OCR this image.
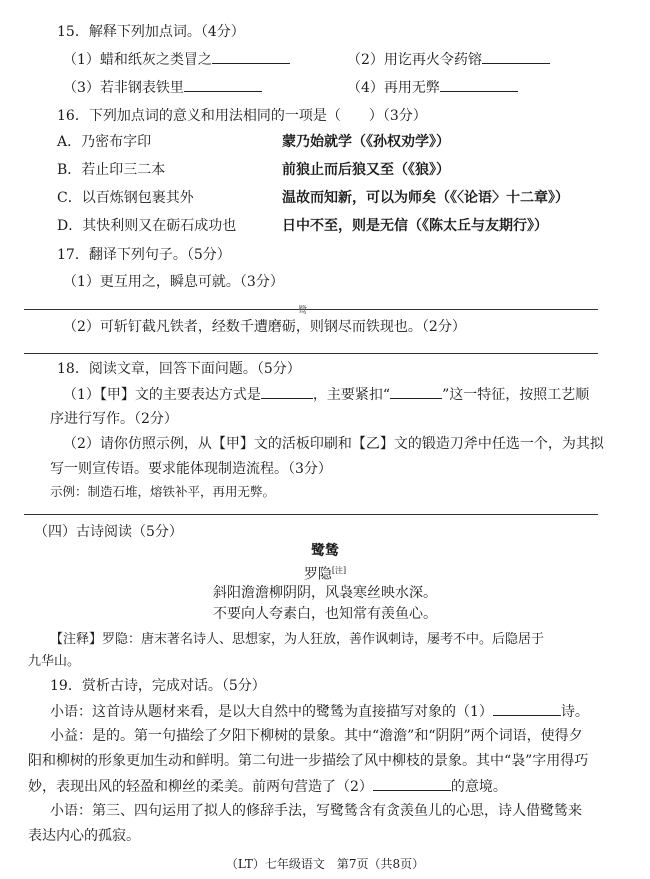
15．解释下列加点词。（4分）
（1）蜡和纸灰之类冒之	（2）用讫再火令药镕
（3）若非钢表铁里	（4）再用无弊
16．下列加点词的意义和用法相同的一项是（　　）（3分）
A．乃密布字印	蒙乃始就学（《孙权劝学》）
B．若止印三二本	前狼止而后狼又至（《狼》）
C．以百炼钢包裹其外	温故而知新，可以为师矣（《〈论语〉十二章》）
D．其快利则又在砺石成功也	日中不至，则是无信（《陈太丘与友期行》）
17．翻译下列句子。（5分）
（1）更互用之，瞬息可就。（3分）
鹭
（2）可斩钉截凡铁者，经数千遭磨砺，则钢尽而铁现也。（2分）
18．阅读文章，回答下面问题。（5分）
（1）【甲】文的主要表达方式是	，主要紧扣“	”这一特征，按照工艺顺
序进行写作。（2分）
（2）请你仿照示例，从【甲】文的活板印刷和【乙】文的锻造刀斧中任选一个，为其拟
写一则宣传语。要求能体现制造流程。（3分）
示例：制造石堆，熔铁补平，再用无弊。
（四）古诗阅读（5分）
鹭鸶
罗隐[注]
斜阳澹澹柳阴阴，风袅寒丝映水深。
不要向人夸素白，也知常有羡鱼心。
【注释】罗隐：唐末著名诗人、思想家，为人狂放，善作讽刺诗，屡考不中。后隐居于
九华山。
19．赏析古诗，完成对话。（5分）
小语：这首诗从题材来看，是以大自然中的鹭鸶为直接描写对象的（1）	诗。
小益：是的。第一句描绘了夕阳下柳树的景象。其中“澹澹”和“阴阴”两个词语，使得夕
阳和柳树的形象更加生动和鲜明。第二句进一步描绘了风中柳枝的景象。其中“袅”字用得巧
妙，表现出风的轻盈和柳丝的柔美。前两句营造了（2）	的意境。
小语：第三、四句运用了拟人的修辞手法，写鹭鸶含有贪羡鱼儿的心思，诗人借鹭鸶来
表达内心的孤寂。
（LT）七年级语文　第7页（共8页）
